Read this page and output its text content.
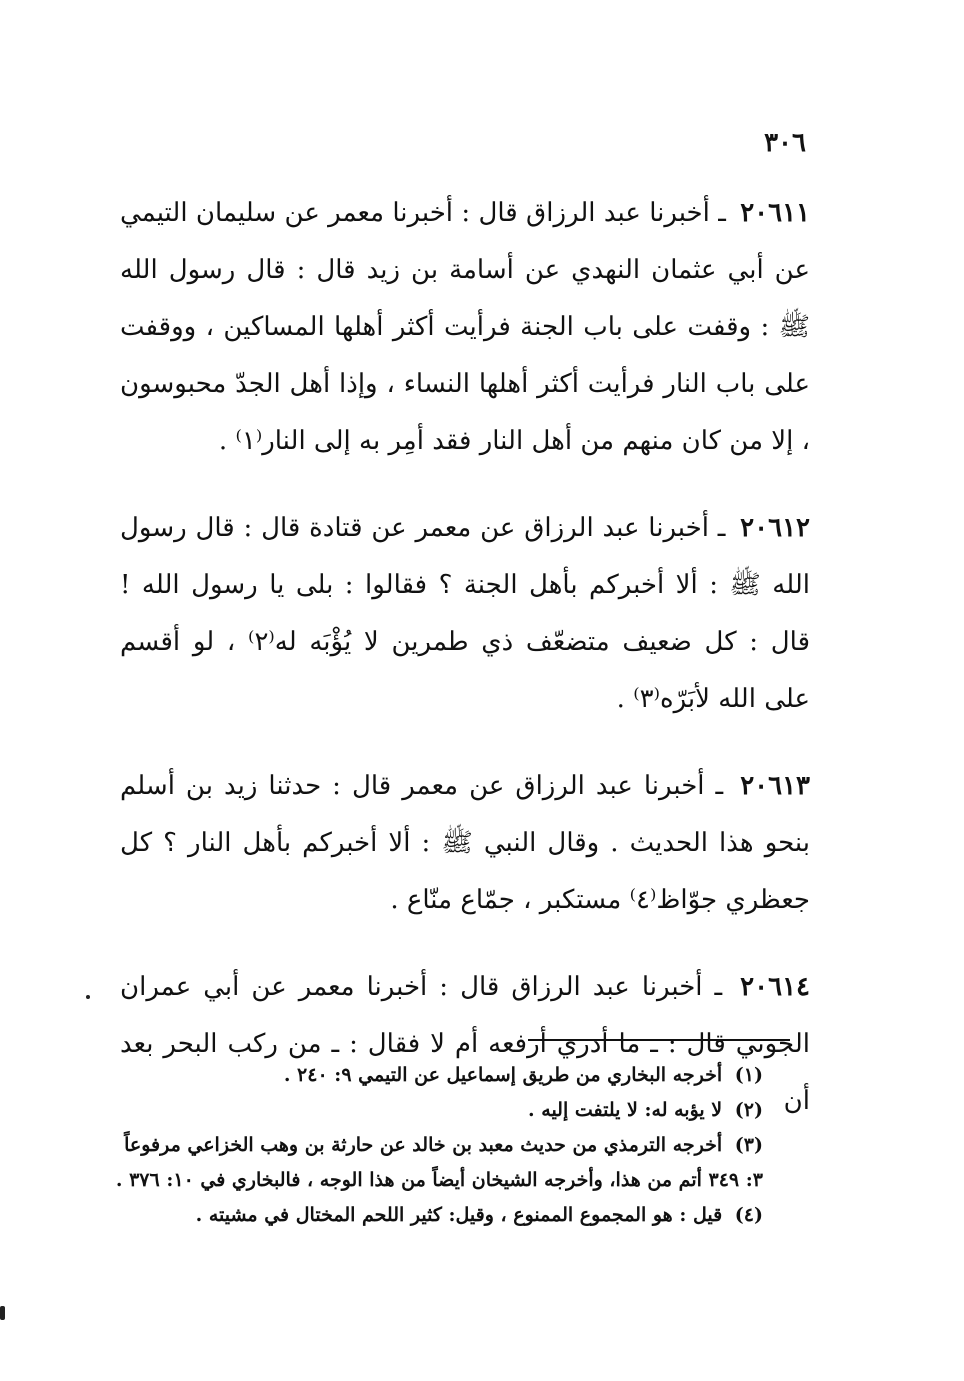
٣٠٦

٢٠٦١١ ـ أخبرنا عبد الرزاق قال : أخبرنا معمر عن سليمان التيمي عن أبي عثمان النهدي عن أسامة بن زيد قال : قال رسول الله ﷺ : وقفت على باب الجنة فرأيت أكثر أهلها المساكين ، ووقفت على باب النار فرأيت أكثر أهلها النساء ، وإذا أهل الجدّ محبوسون ، إلا من كان منهم من أهل النار فقد أمِر به إلى النار⁽١⁾ .

٢٠٦١٢ ـ أخبرنا عبد الرزاق عن معمر عن قتادة قال : قال رسول الله ﷺ : ألا أخبركم بأهل الجنة ؟ فقالوا : بلى يا رسول الله ! قال : كل ضعيف متضعّف ذي طمرين لا يُؤْبَه له⁽٢⁾ ، لو أقسم على الله لأبَرّه⁽٣⁾ .

٢٠٦١٣ ـ أخبرنا عبد الرزاق عن معمر قال : حدثنا زيد بن أسلم بنحو هذا الحديث . وقال النبي ﷺ : ألا أخبركم بأهل النار ؟ كل جعظري جوّاظ⁽٤⁾ مستكبر ، جمّاع منّاع .

٢٠٦١٤ ـ أخبرنا عبد الرزاق قال : أخبرنا معمر عن أبي عمران الجوني قال : ـ ما أدري أرفعه أم لا فقال : ـ من ركب البحر بعد أن

(١) أخرجه البخاري من طريق إسماعيل عن التيمي ٩: ٢٤٠ .

(٢) لا يؤبه له: لا يلتفت إليه .

(٣) أخرجه الترمذي من حديث معبد بن خالد عن حارثة بن وهب الخزاعي مرفوعاً

٣: ٣٤٩ أتم من هذا، وأخرجه الشيخان أيضاً من هذا الوجه ، فالبخاري في ١٠: ٣٧٦ .

(٤) قيل : هو المجموع الممنوع ، وقيل: كثير اللحم المختال في مشيته .
